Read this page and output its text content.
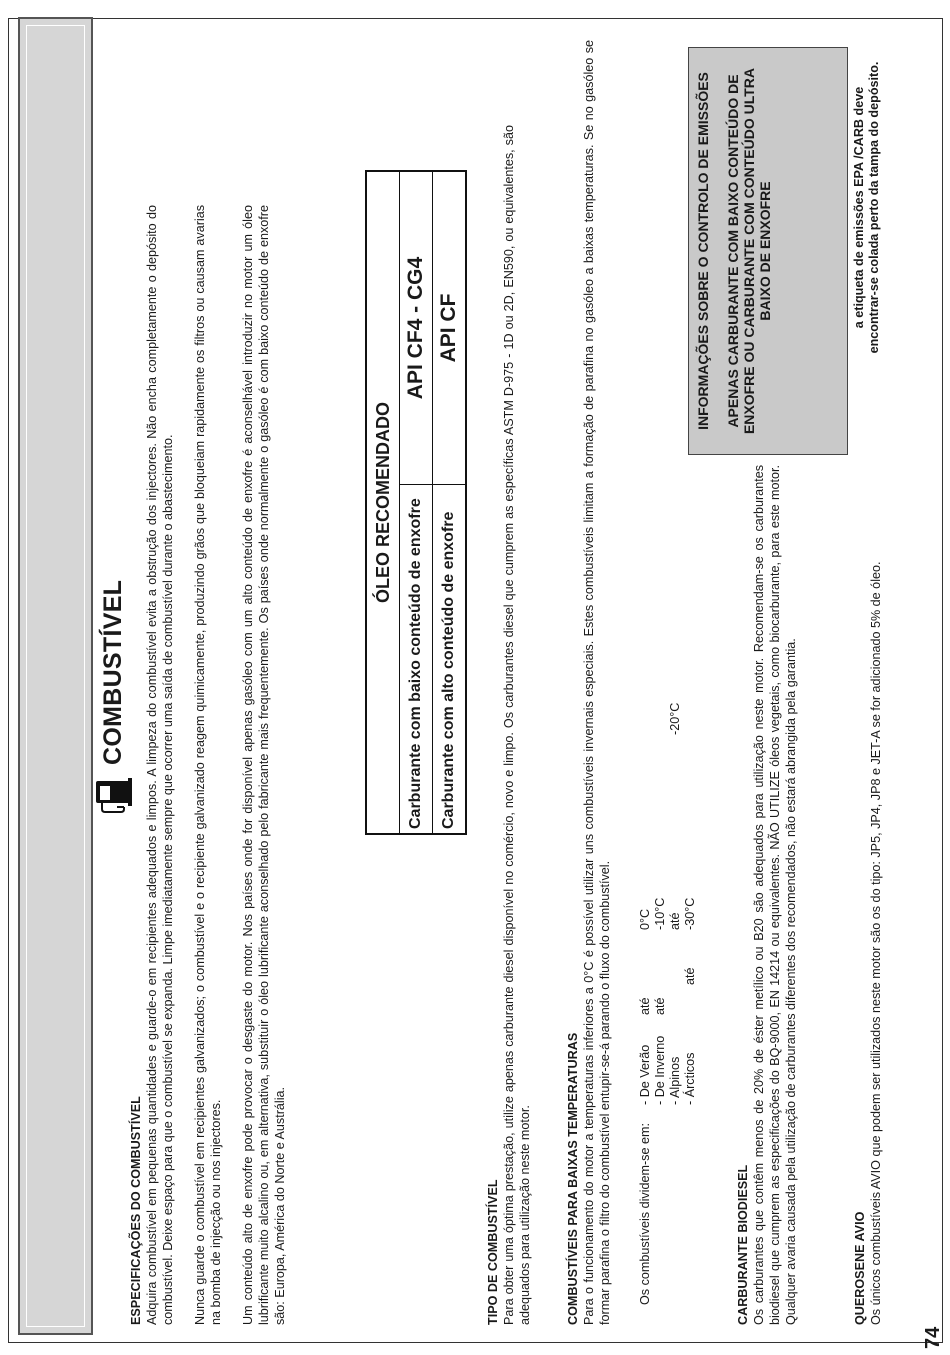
COMBUSTÍVEL
ESPECIFICAÇÕES DO COMBUSTÍVEL Adquira combustível em pequenas quantidades e guarde-o em recipientes adequados e limpos. A limpeza do combustível evita a obstrução dos injectores. Não encha completamente o depósito do combustível. Deixe espaço para que o combustível se expanda. Limpe imediatamente sempre que ocorrer uma saída de combustível durante o abastecimento. Nunca guarde o combustível em recipientes galvanizados; o combustível e o recipiente galvanizado reagem quimicamente, produzindo grãos que bloqueiam rapidamente os filtros ou causam avarias na bomba de injecção ou nos injectores. Um conteúdo alto de enxofre pode provocar o desgaste do motor. Nos países onde for disponível apenas gasóleo com um alto conteúdo de enxofre é aconselhável introduzir no motor um óleo lubrificante muito alcalino ou, em alternativa, substituir o óleo lubrificante aconselhado pelo fabricante mais frequentemente. Os países onde normalmente o gasóleo é com baixo conteúdo de enxofre são: Europa, América do Norte e Austrália.
ÓLEO RECOMENDADO	
Carburante com baixo conteúdo de enxofre	API CF4 - CG4
Carburante com alto conteúdo de enxofre	API CF
TIPO DE COMBUSTÍVEL Para obter uma óptima prestação, utilize apenas carburante diesel disponível no comércio, novo e limpo. Os carburantes diesel que cumprem as específicas ASTM D-975 - 1D ou 2D, EN590, ou equivalentes, são adequados para utilização neste motor.	COMBUSTÍVEIS PARA BAIXAS TEMPERATURAS Para o funcionamento do motor a temperaturas inferiores a 0°C é possível utilizar uns combustíveis invernais especiais. Estes combustíveis limitam a formação de parafina no gasóleo a baixas temperaturas. Se no gasóleo se formar parafina o filtro do combustível entupir-se-á parando o fluxo do combustível. Os combustíveis dividem-se em:
- De Verão
até
0°C
- De Inverno
até
-10°C
- Alpinos
até
-20°C
- Árcticos
até
-30°C
CARBURANTE BIODIESEL Os carburantes que contêm menos de 20% de éster metílico ou B20 são adequados para utilização neste motor. Recomendam-se os carburantes biodiesel que cumprem as especificações do BQ-9000, EN 14214 ou equivalentes. NÃO UTILIZE óleos vegetais, como biocarburante, para este motor. Qualquer avaria causada pela utilização de carburantes diferentes dos recomendados, não estará abrangida pela garantia.	QUEROSENE AVIO Os únicos combustíveis AVIO que podem ser utilizados neste motor são os do tipo: JP5, JP4, JP8 e JET-A se for adicionado 5% de óleo.

INFORMAÇÕES SOBRE O CONTROLO DE EMISSÕES APENAS CARBURANTE COM BAIXO CONTEÚDO DE ENXOFRE OU CARBURANTE COM CONTEÚDO ULTRA BAIXO DE ENXOFRE	a etiqueta de emissões EPA /CARB deve encontrar-se colada perto da tampa do depósito.
74
